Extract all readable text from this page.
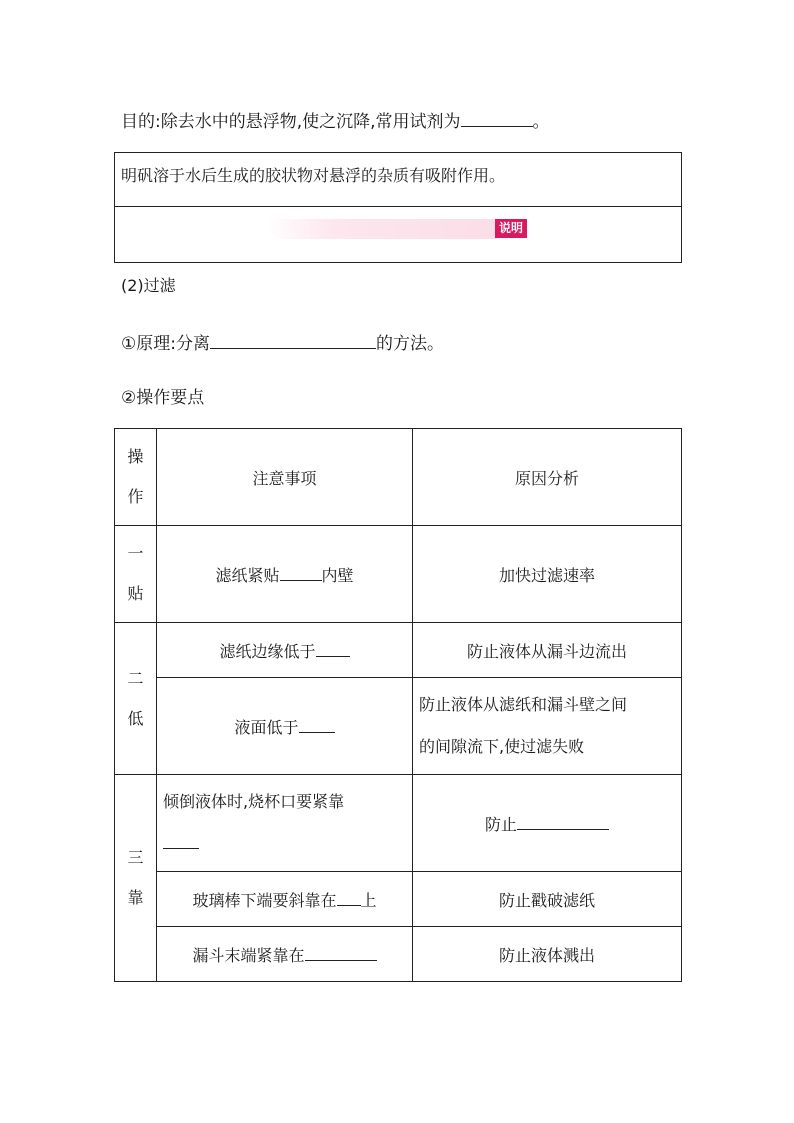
目的:除去水中的悬浮物,使之沉降,常用试剂为	。
明矾溶于水后生成的胶状物对悬浮的杂质有吸附作用。
说明
(2)过滤
①原理:分离	的方法。
②操作要点
操
作	注意事项	原因分析

一
贴	滤纸紧贴 内壁	加快过滤速率

二
低	滤纸边缘低于	防止液体从漏斗边流出
	液面低于	防止液体从滤纸和漏斗壁之间
的间隙流下,使过滤失败

三
靠	倾倒液体时,烧杯口要紧靠	防止
	玻璃棒下端要斜靠在 上	防止戳破滤纸
	漏斗末端紧靠在	防止液体溅出
